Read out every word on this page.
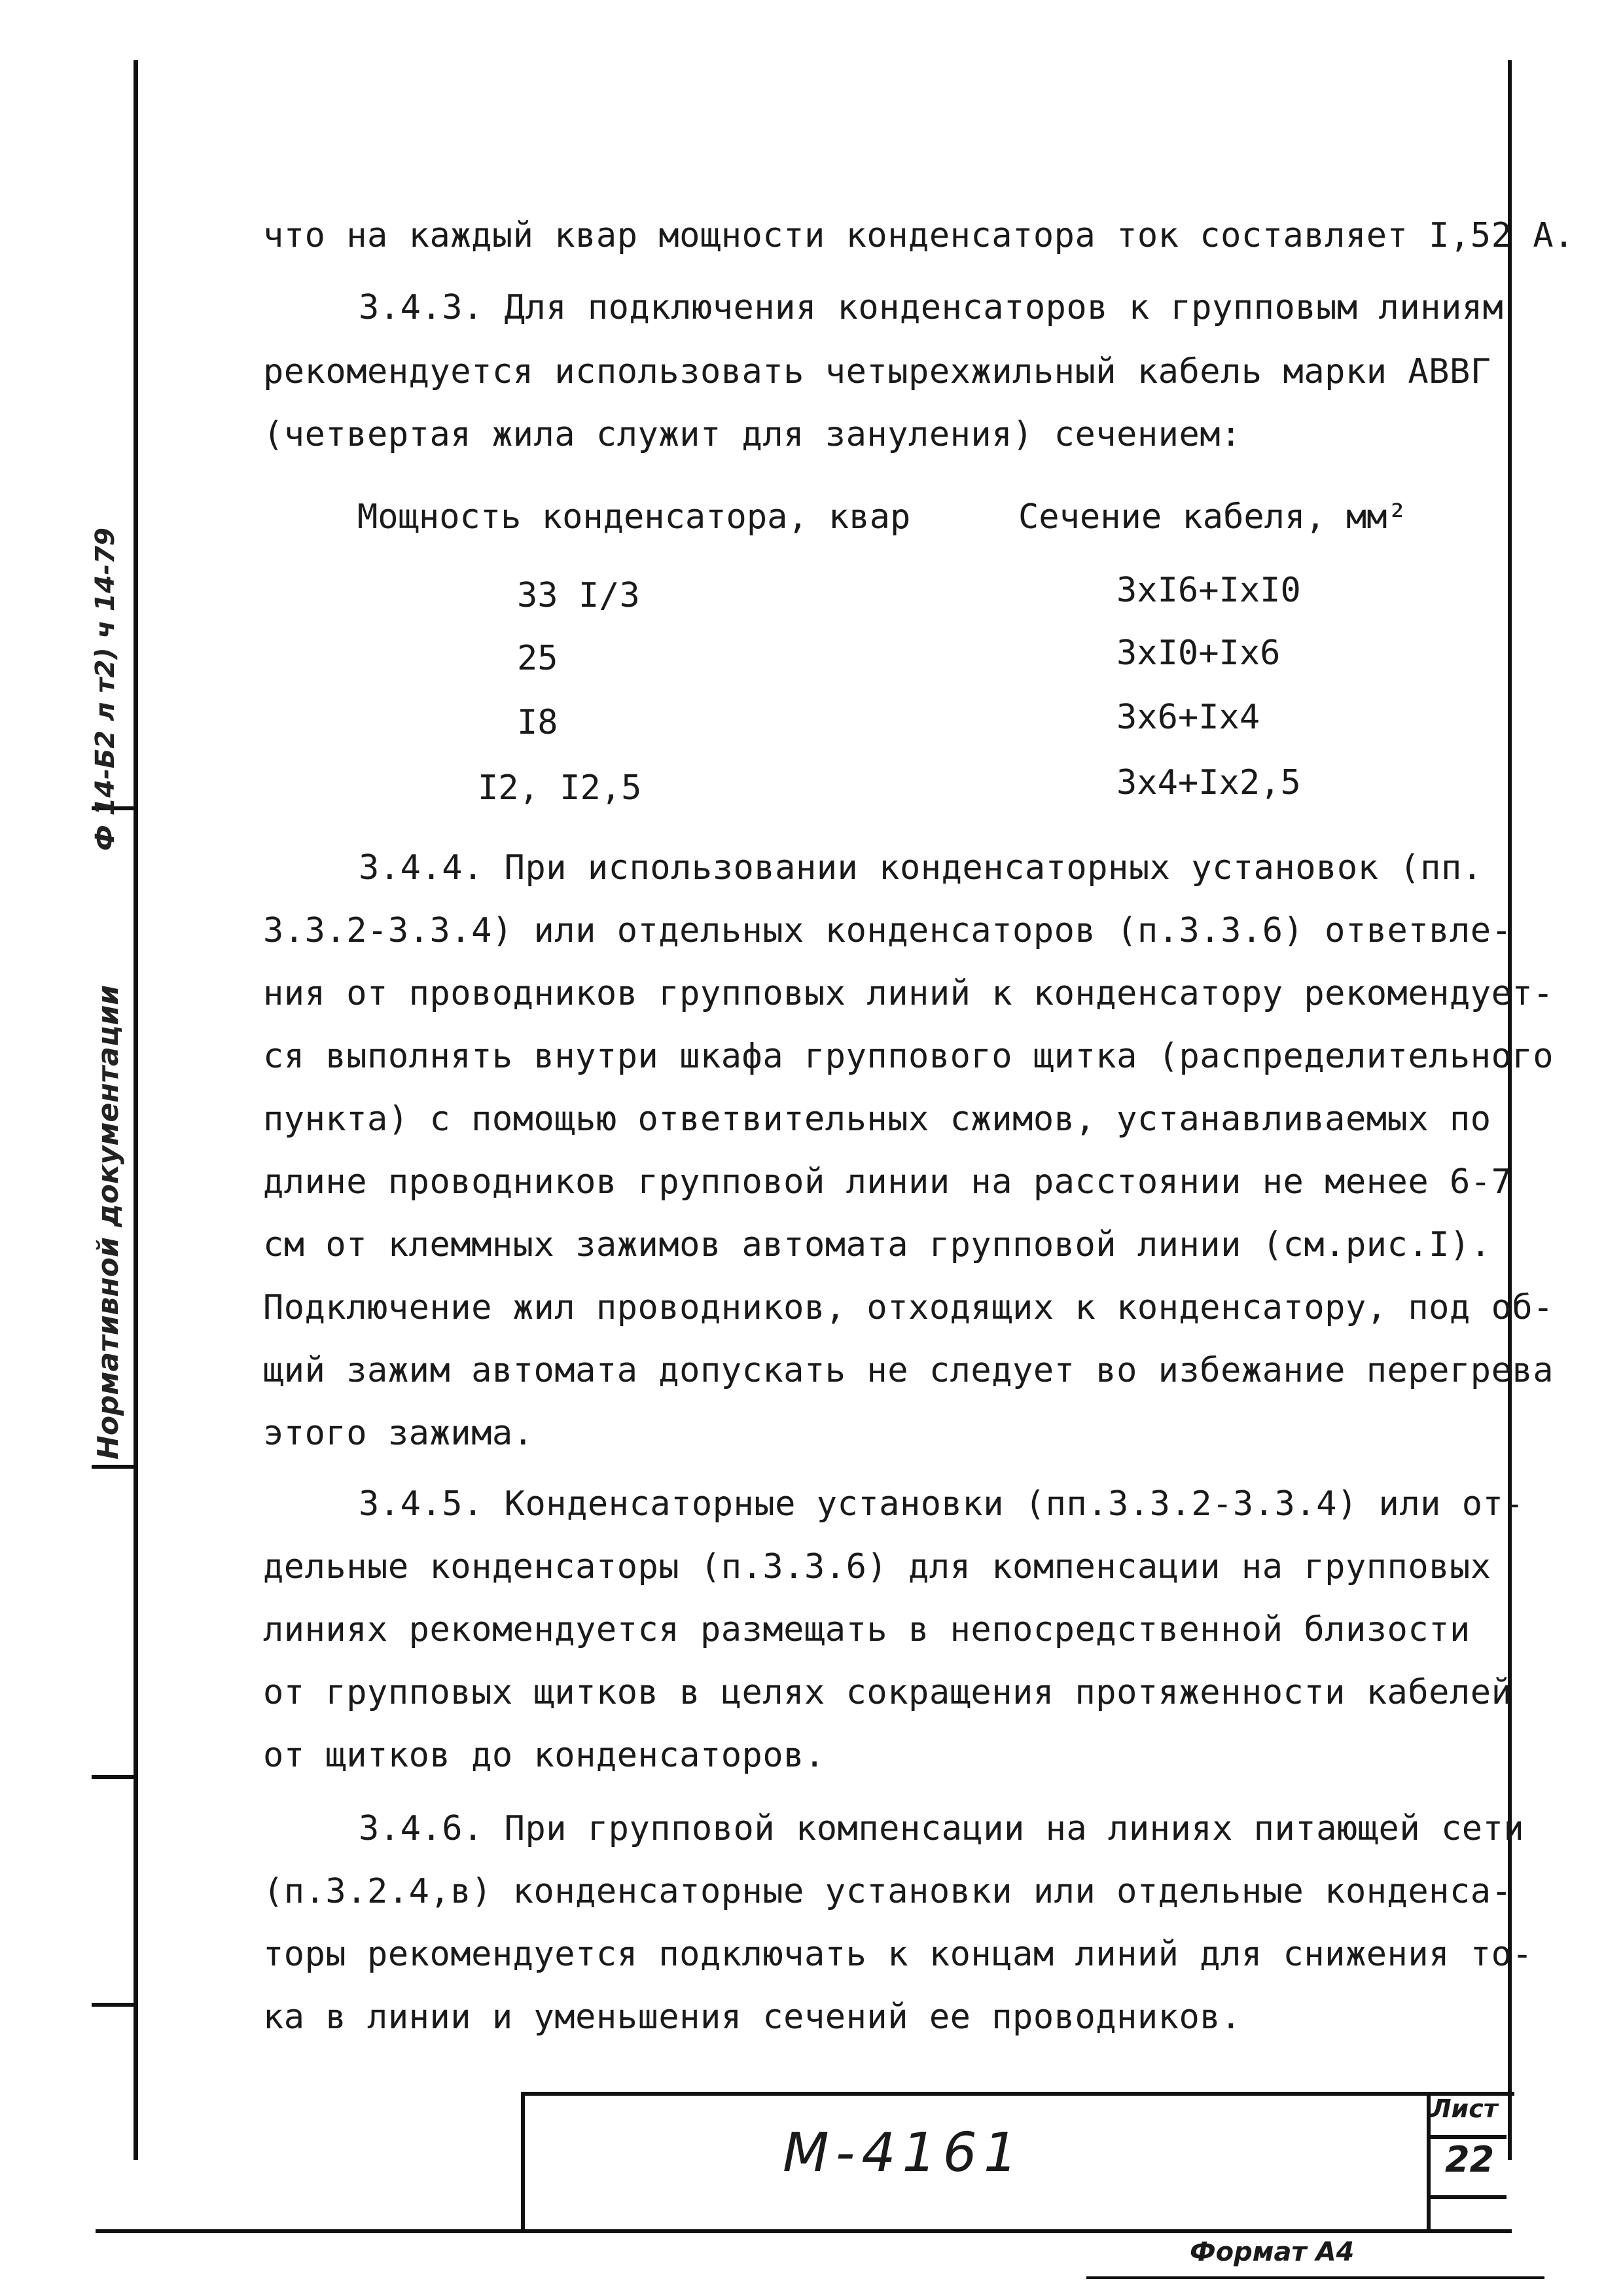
Ф 14-Б2 л т2) ч 14-79
Нормативной документации
что на каждый квар мощности конденсатора ток составляет I,52 А.
3.4.3. Для подключения конденсаторов к групповым линиям
рекомендуется использовать четырехжильный кабель марки АВВГ
(четвертая жила служит для зануления) сечением:
Мощность конденсатора, квар	Сечение кабеля, мм²
33 I/3	3xI6+IxI0
25	3xI0+Ix6
I8	3x6+Ix4
I2, I2,5	3x4+Ix2,5
3.4.4. При использовании конденсаторных установок (пп.
3.3.2-3.3.4) или отдельных конденсаторов (п.3.3.6) ответвле-
ния от проводников групповых линий к конденсатору рекомендует-
ся выполнять внутри шкафа группового щитка (распределительного
пункта) с помощью ответвительных сжимов, устанавливаемых по
длине проводников групповой линии на расстоянии не менее 6-7
см от клеммных зажимов автомата групповой линии (см.рис.I).
Подключение жил проводников, отходящих к конденсатору, под об-
щий зажим автомата допускать не следует во избежание перегрева
этого зажима.
3.4.5. Конденсаторные установки (пп.3.3.2-3.3.4) или от-
дельные конденсаторы (п.3.3.6) для компенсации на групповых
линиях рекомендуется размещать в непосредственной близости
от групповых щитков в целях сокращения протяженности кабелей
от щитков до конденсаторов.
3.4.6. При групповой компенсации на линиях питающей сети
(п.3.2.4,в) конденсаторные установки или отдельные конденса-
торы рекомендуется подключать к концам линий для снижения то-
ка в линии и уменьшения сечений ее проводников.
М-4161
Лист
22
Формат А4
